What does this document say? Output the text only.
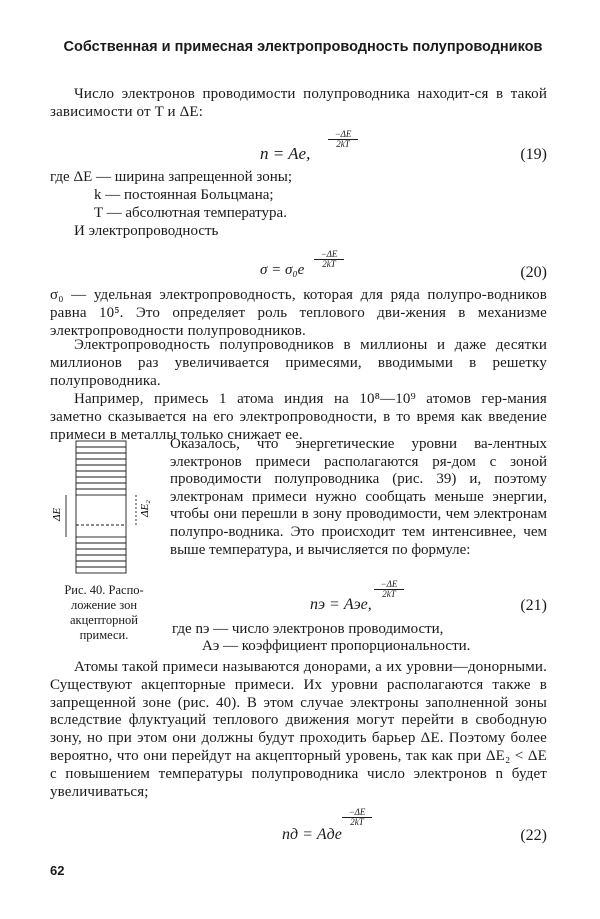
Собственная и примесная электропроводность полупроводников
Число электронов проводимости полупроводника находит-ся в такой зависимости от T и ΔE:
n = Ae,
$\frac{-\Delta E}{2kT}$
(19)
где ΔE — ширина запрещенной зоны;
k — постоянная Больцмана;
T — абсолютная температура.
И электропроводность
σ = σ₀e
$\frac{-\Delta E}{2kT}$
(20)
σ₀ — удельная электропроводность, которая для ряда полупро-водников равна 10⁵. Это определяет роль теплового дви-жения в механизме электропроводности полупроводников.
Электропроводность полупроводников в миллионы и даже десятки миллионов раз увеличивается примесями, вводимыми в решетку полупроводника.
Например, примесь 1 атома индия на 10⁸—10⁹ атомов гер-мания заметно сказывается на его электропроводности, в то время как введение примеси в металлы только снижает ее.
ΔE	ΔE₂
Рис. 40. Распо-ложение зон акцепторной примеси.
Оказалось, что энергетические уровни ва-лентных электронов примеси располагаются ря-дом с зоной проводимости полупроводника (рис. 39) и, поэтому электронам примеси нужно сообщать меньше энергии, чтобы они перешли в зону проводимости, чем электронам полупро-водника. Это происходит тем интенсивнее, чем выше температура, и вычисляется по формуле:
nэ = Aэe,
$\frac{-\Delta E}{2kT}$
(21)
где nэ — число электронов проводимости,
Aэ — коэффициент пропорциональности.
Атомы такой примеси называются донорами, а их уровни—донорными. Существуют акцепторные примеси. Их уровни располагаются также в запрещенной зоне (рис. 40). В этом случае электроны заполненной зоны вследствие флуктуаций теплового движения могут перейти в свободную зону, но при этом они должны будут проходить барьер ΔE. Поэтому более вероятно, что они перейдут на акцепторный уровень, так как при ΔE₂ < ΔE с повышением температуры полупроводника число электронов n будет увеличиваться;
nд = Aдe
$\frac{-\Delta E}{2kT}$
(22)
62
